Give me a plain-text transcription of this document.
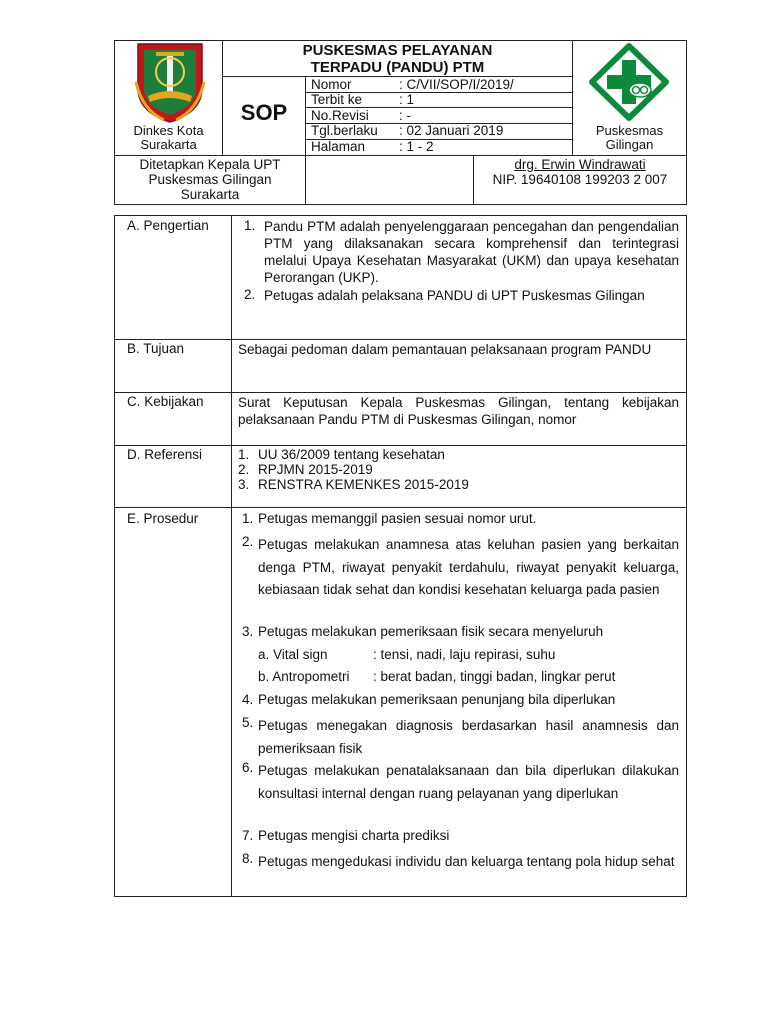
Dinkes Kota
Surakarta
SOP
PUSKESMAS PELAYANAN
TERPADU (PANDU) PTM
Nomor	: C/VII/SOP/I/2019/
Terbit ke	: 1
No.Revisi : -
Tgl.berlaku : 02 Januari 2019
Halaman	: 1 - 2
Puskesmas
Gilingan
Ditetapkan Kepala UPT
Puskesmas Gilingan
Surakarta
drg. Erwin Windrawati
NIP. 19640108 199203 2 007
A. Pengertian	1. Pandu PTM adalah penyelenggaraan pencegahan dan pengendalian PTM yang dilaksanakan secara komprehensif dan terintegrasi melalui Upaya Kesehatan Masyarakat (UKM) dan upaya kesehatan Perorangan (UKP).
2. Petugas adalah pelaksana PANDU di UPT Puskesmas Gilingan
B. Tujuan	Sebagai pedoman dalam pemantauan pelaksanaan program PANDU
C. Kebijakan	Surat Keputusan Kepala Puskesmas Gilingan, tentang kebijakan pelaksanaan Pandu PTM di Puskesmas Gilingan, nomor
D. Referensi	1. UU 36/2009 tentang kesehatan
2. RPJMN 2015-2019
3. RENSTRA KEMENKES 2015-2019
E. Prosedur	1. Petugas memanggil pasien sesuai nomor urut.
2. Petugas melakukan anamnesa atas keluhan pasien yang berkaitan denga PTM, riwayat penyakit terdahulu, riwayat penyakit keluarga, kebiasaan tidak sehat dan kondisi kesehatan keluarga pada pasien
3. Petugas melakukan pemeriksaan fisik secara menyeluruh
a. Vital sign	: tensi, nadi, laju repirasi, suhu
b. Antropometri : berat badan, tinggi badan, lingkar perut
4. Petugas melakukan pemeriksaan penunjang bila diperlukan
5. Petugas menegakan diagnosis berdasarkan hasil anamnesis dan pemeriksaan fisik
6. Petugas melakukan penatalaksanaan dan bila diperlukan dilakukan konsultasi internal dengan ruang pelayanan yang diperlukan
7. Petugas mengisi charta prediksi
8. Petugas mengedukasi individu dan keluarga tentang pola hidup sehat
